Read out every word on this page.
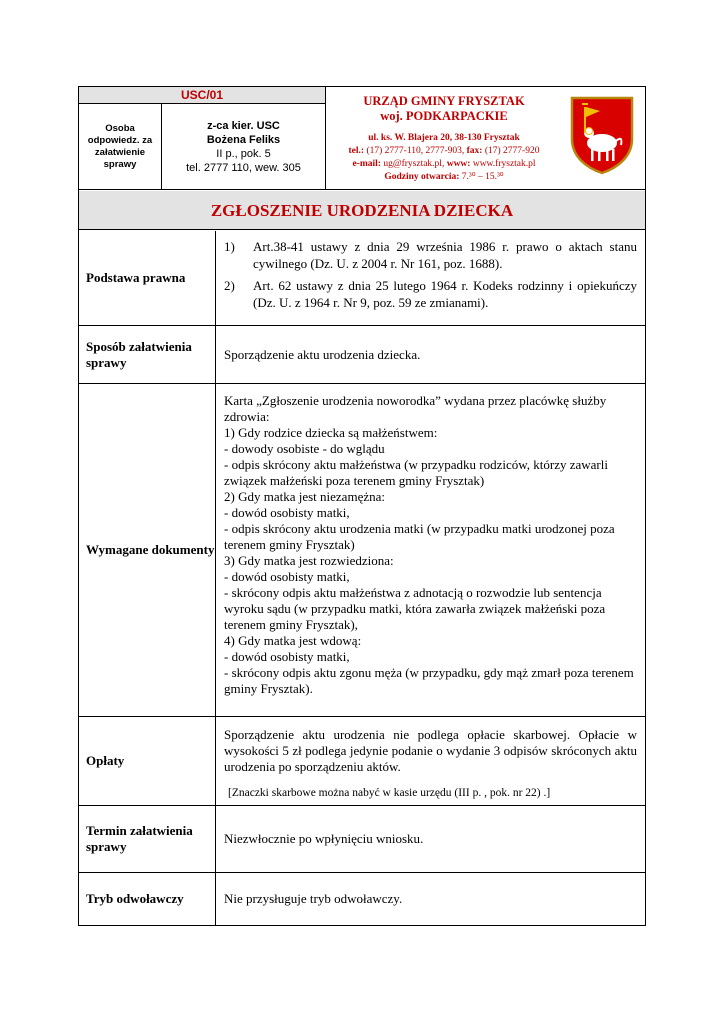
USC/01
Osoba odpowiedz. za załatwienie sprawy
z-ca kier. USC
Bożena Feliks
II p., pok. 5
tel. 2777 110, wew. 305
URZĄD GMINY FRYSZTAK
woj. PODKARPACKIE
ul. ks. W. Blajera 20, 38-130 Frysztak
tel.: (17) 2777-110, 2777-903, fax: (17) 2777-920
e-mail: ug@frysztak.pl, www: www.frysztak.pl
Godziny otwarcia: 7.³⁰ – 15.³⁰
ZGŁOSZENIE URODZENIA DZIECKA
Podstawa prawna
1) Art.38-41 ustawy z dnia 29 września 1986 r. prawo o aktach stanu cywilnego (Dz. U. z 2004 r. Nr 161, poz. 1688).
2) Art. 62 ustawy z dnia 25 lutego 1964 r. Kodeks rodzinny i opiekuńczy (Dz. U. z 1964 r. Nr 9, poz. 59 ze zmianami).
Sposób załatwienia sprawy
Sporządzenie aktu urodzenia dziecka.
Wymagane dokumenty

Karta „Zgłoszenie urodzenia noworodka” wydana przez placówkę służby zdrowia:

1) Gdy rodzice dziecka są małżeństwem:

- dowody osobiste - do wglądu

- odpis skrócony aktu małżeństwa (w przypadku rodziców, którzy zawarli związek małżeński poza terenem gminy Frysztak)

2) Gdy matka jest niezamężna:

- dowód osobisty matki,

- odpis skrócony aktu urodzenia matki (w przypadku matki urodzonej poza terenem gminy Frysztak)

3) Gdy matka jest rozwiedziona:

- dowód osobisty matki,

- skrócony odpis aktu małżeństwa z adnotacją o rozwodzie lub sentencja wyroku sądu (w przypadku matki, która zawarła związek małżeński poza terenem gminy Frysztak),

4) Gdy matka jest wdową:

- dowód osobisty matki,

- skrócony odpis aktu zgonu męża (w przypadku, gdy mąż zmarł poza terenem gminy Frysztak).

Opłaty
Sporządzenie aktu urodzenia nie podlega opłacie skarbowej. Opłacie w wysokości 5 zł podlega jedynie podanie o wydanie 3 odpisów skróconych aktu urodzenia po sporządzeniu aktów.
[Znaczki skarbowe można nabyć w kasie urzędu (III p. , pok. nr 22) .]
Termin załatwienia sprawy
Niezwłocznie po wpłynięciu wniosku.
Tryb odwoławczy	Nie przysługuje tryb odwoławczy.
